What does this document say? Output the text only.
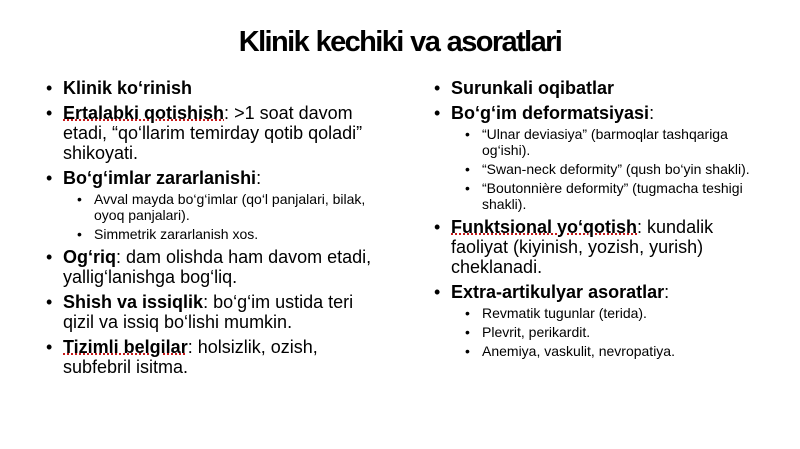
Klinik kechiki va asoratlari
• Klinik ko‘rinish
• Ertalabki qotishish: >1 soat davom etadi, “qo‘llarim temirday qotib qoladi” shikoyati.
• Bo‘g‘imlar zararlanishi:
• Avval mayda bo‘g‘imlar (qo‘l panjalari, bilak, oyoq panjalari).
• Simmetrik zararlanish xos.
• Og‘riq: dam olishda ham davom etadi, yallig‘lanishga bog‘liq.
• Shish va issiqlik: bo‘g‘im ustida teri qizil va issiq bo‘lishi mumkin.
• Tizimli belgilar: holsizlik, ozish, subfebril isitma.
• Surunkali oqibatlar
• Bo‘g‘im deformatsiyasi:
• “Ulnar deviasiya” (barmoqlar tashqariga og‘ishi).
• “Swan-neck deformity” (qush bo‘yin shakli).
• “Boutonnière deformity” (tugmacha teshigi shakli).
• Funktsional yo‘qotish: kundalik faoliyat (kiyinish, yozish, yurish) cheklanadi.
• Extra-artikulyar asoratlar:
• Revmatik tugunlar (terida).
• Plevrit, perikardit.
• Anemiya, vaskulit, nevropatiya.
